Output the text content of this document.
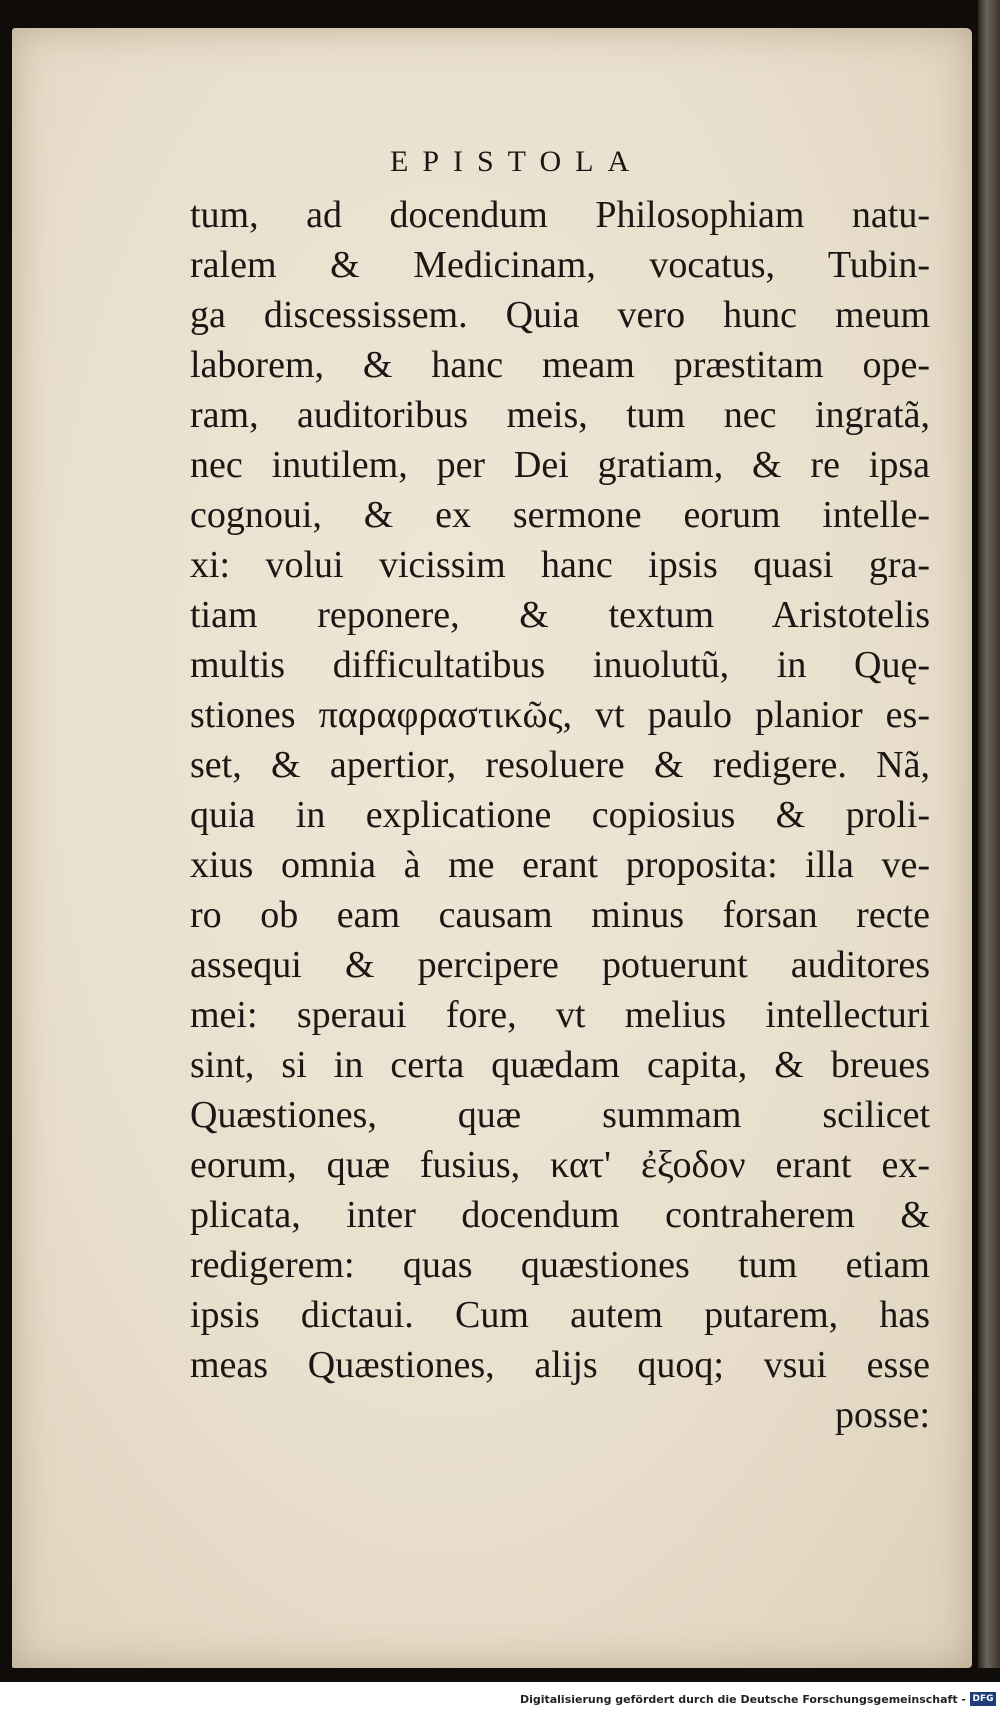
EPISTOLA
tum, ad docendum Philosophiam natu-
ralem & Medicinam, vocatus, Tubin-
ga discessissem. Quia vero hunc meum
laborem, & hanc meam præstitam ope-
ram, auditoribus meis, tum nec ingratã,
nec inutilem, per Dei gratiam, & re ipsa
cognoui, & ex sermone eorum intelle-
xi: volui vicissim hanc ipsis quasi gra-
tiam reponere, & textum Aristotelis
multis difficultatibus inuolutũ, in Quę-
stiones παραφραστικῶς, vt paulo planior es-
set, & apertior, resoluere & redigere. Nã,
quia in explicatione copiosius & proli-
xius omnia à me erant proposita: illa ve-
ro ob eam causam minus forsan recte
assequi & percipere potuerunt auditores
mei: speraui fore, vt melius intellecturi
sint, si in certa quædam capita, & breues
Quæstiones, quæ summam scilicet
eorum, quæ fusius, κατ' ἐξοδον erant ex-
plicata, inter docendum contraherem &
redigerem: quas quæstiones tum etiam
ipsis dictaui. Cum autem putarem, has
meas Quæstiones, alijs quoq; vsui esse
posse:
Digitalisierung gefördert durch die Deutsche Forschungsgemeinschaft - DFG
